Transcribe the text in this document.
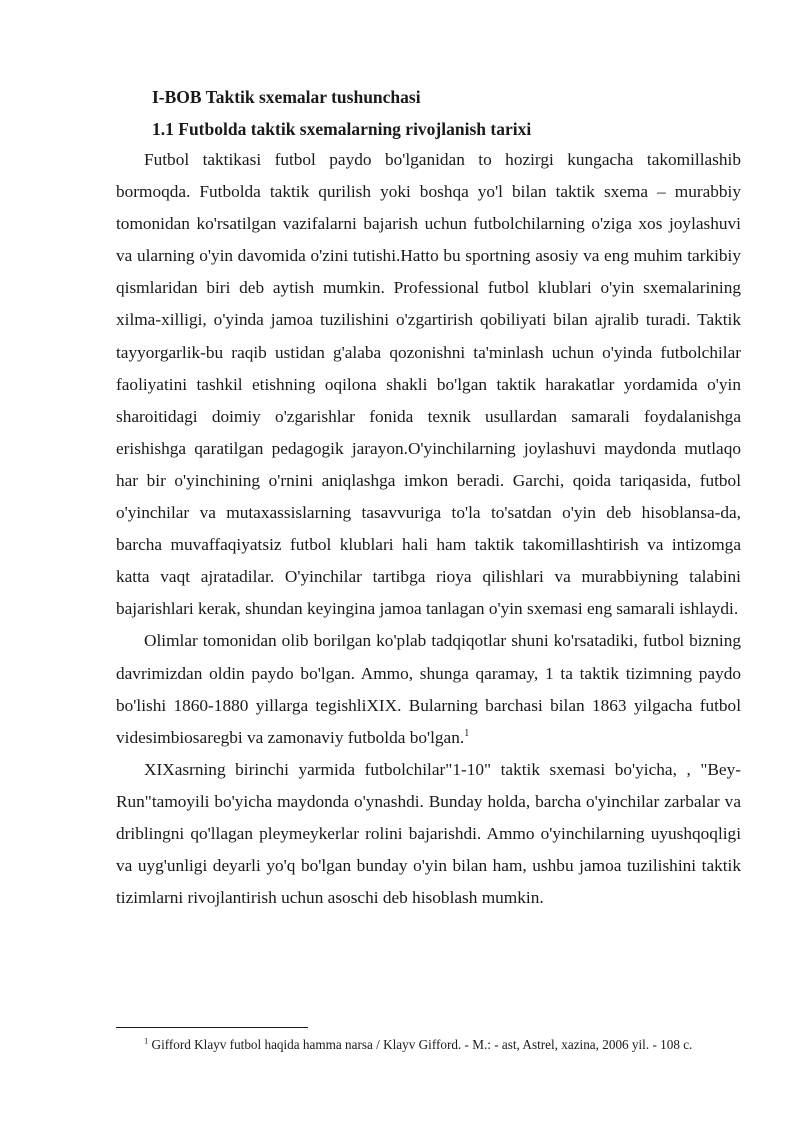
I-BOB Taktik sxemalar tushunchasi
1.1 Futbolda taktik sxemalarning rivojlanish tarixi

Futbol taktikasi futbol paydo bo'lganidan to hozirgi kungacha takomillashib bormoqda. Futbolda taktik qurilish yoki boshqa yo'l bilan taktik sxema – murabbiy tomonidan ko'rsatilgan vazifalarni bajarish uchun futbolchilarning o'ziga xos joylashuvi va ularning o'yin davomida o'zini tutishi.Hatto bu sportning asosiy va eng muhim tarkibiy qismlaridan biri deb aytish mumkin. Professional futbol klublari o'yin sxemalarining xilma-xilligi, o'yinda jamoa tuzilishini o'zgartirish qobiliyati bilan ajralib turadi. Taktik tayyorgarlik-bu raqib ustidan g'alaba qozonishni ta'minlash uchun o'yinda futbolchilar faoliyatini tashkil etishning oqilona shakli bo'lgan taktik harakatlar yordamida o'yin sharoitidagi doimiy o'zgarishlar fonida texnik usullardan samarali foydalanishga erishishga qaratilgan pedagogik jarayon.O'yinchilarning joylashuvi maydonda mutlaqo har bir o'yinchining o'rnini aniqlashga imkon beradi. Garchi, qoida tariqasida, futbol o'yinchilar va mutaxassislarning tasavvuriga to'la to'satdan o'yin deb hisoblansa-da, barcha muvaffaqiyatsiz futbol klublari hali ham taktik takomillashtirish va intizomga katta vaqt ajratadilar. O'yinchilar tartibga rioya qilishlari va murabbiyning talabini bajarishlari kerak, shundan keyingina jamoa tanlagan o'yin sxemasi eng samarali ishlaydi.

Olimlar tomonidan olib borilgan ko'plab tadqiqotlar shuni ko'rsatadiki, futbol bizning davrimizdan oldin paydo bo'lgan. Ammo, shunga qaramay, 1 ta taktik tizimning paydo bo'lishi 1860-1880 yillarga tegishliXIX. Bularning barchasi bilan 1863 yilgacha futbol videsimbiosaregbi va zamonaviy futbolda bo'lgan.$^1$

XIXasrning birinchi yarmida futbolchilar"1-10" taktik sxemasi bo'yicha, , "Bey-Run"tamoyili bo'yicha maydonda o'ynashdi. Bunday holda, barcha o'yinchilar zarbalar va driblingni qo'llagan pleymeykerlar rolini bajarishdi. Ammo o'yinchilarning uyushqoqligi va uyg'unligi deyarli yo'q bo'lgan bunday o'yin bilan ham, ushbu jamoa tuzilishini taktik tizimlarni rivojlantirish uchun asoschi deb hisoblash mumkin.

$^1$ Gifford Klayv futbol haqida hamma narsa / Klayv Gifford. - M.: - ast, Astrel, xazina, 2006 yil. - 108 c.
